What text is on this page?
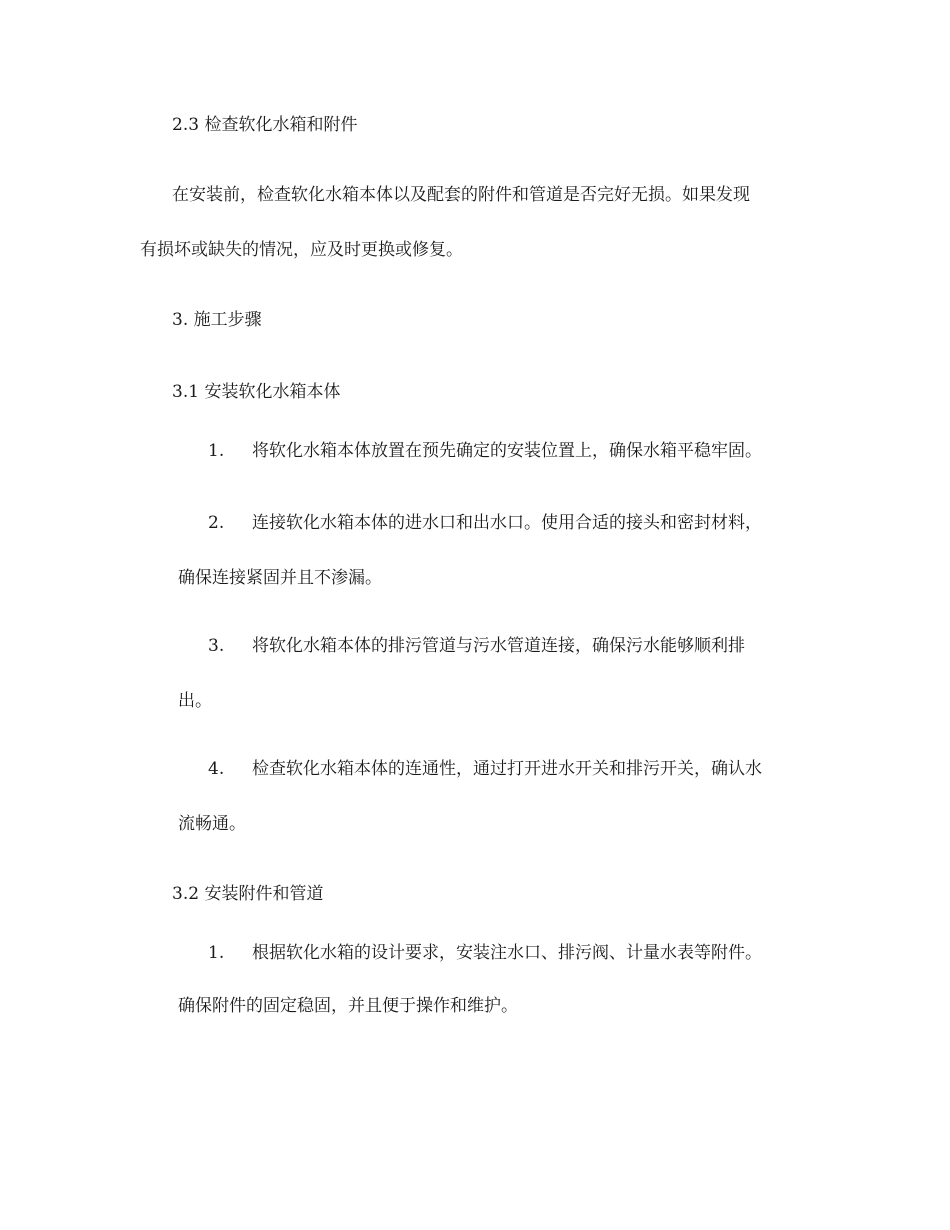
2.3 检查软化水箱和附件
在安装前，检查软化水箱本体以及配套的附件和管道是否完好无损。如果发现
有损坏或缺失的情况，应及时更换或修复。
3. 施工步骤
3.1 安装软化水箱本体
1.	将软化水箱本体放置在预先确定的安装位置上，确保水箱平稳牢固。
2.	连接软化水箱本体的进水口和出水口。使用合适的接头和密封材料，
确保连接紧固并且不渗漏。
3.	将软化水箱本体的排污管道与污水管道连接，确保污水能够顺利排
出。
4.	检查软化水箱本体的连通性，通过打开进水开关和排污开关，确认水
流畅通。
3.2 安装附件和管道
1.	根据软化水箱的设计要求，安装注水口、排污阀、计量水表等附件。
确保附件的固定稳固，并且便于操作和维护。
